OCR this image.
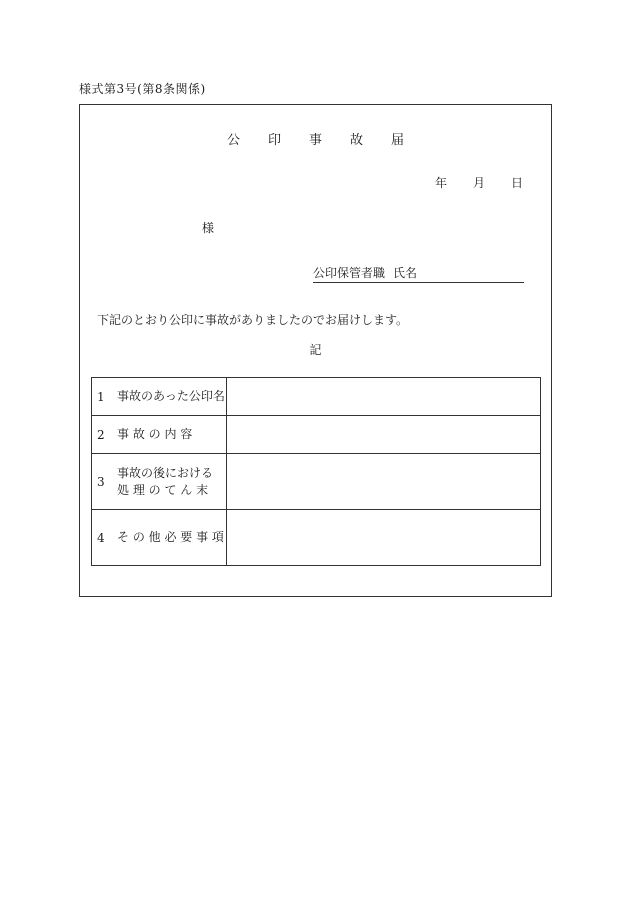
様式第3号(第8条関係)
公 印 事 故 届
年 月 日
様
公印保管者職 氏名
下記のとおり公印に事故がありましたのでお届けします。
記
1 事故のあった公印名	
2 事 故 の 内 容	
3事故の後における
処 理 の て ん 末	
4 そ の 他 必 要 事 項	
